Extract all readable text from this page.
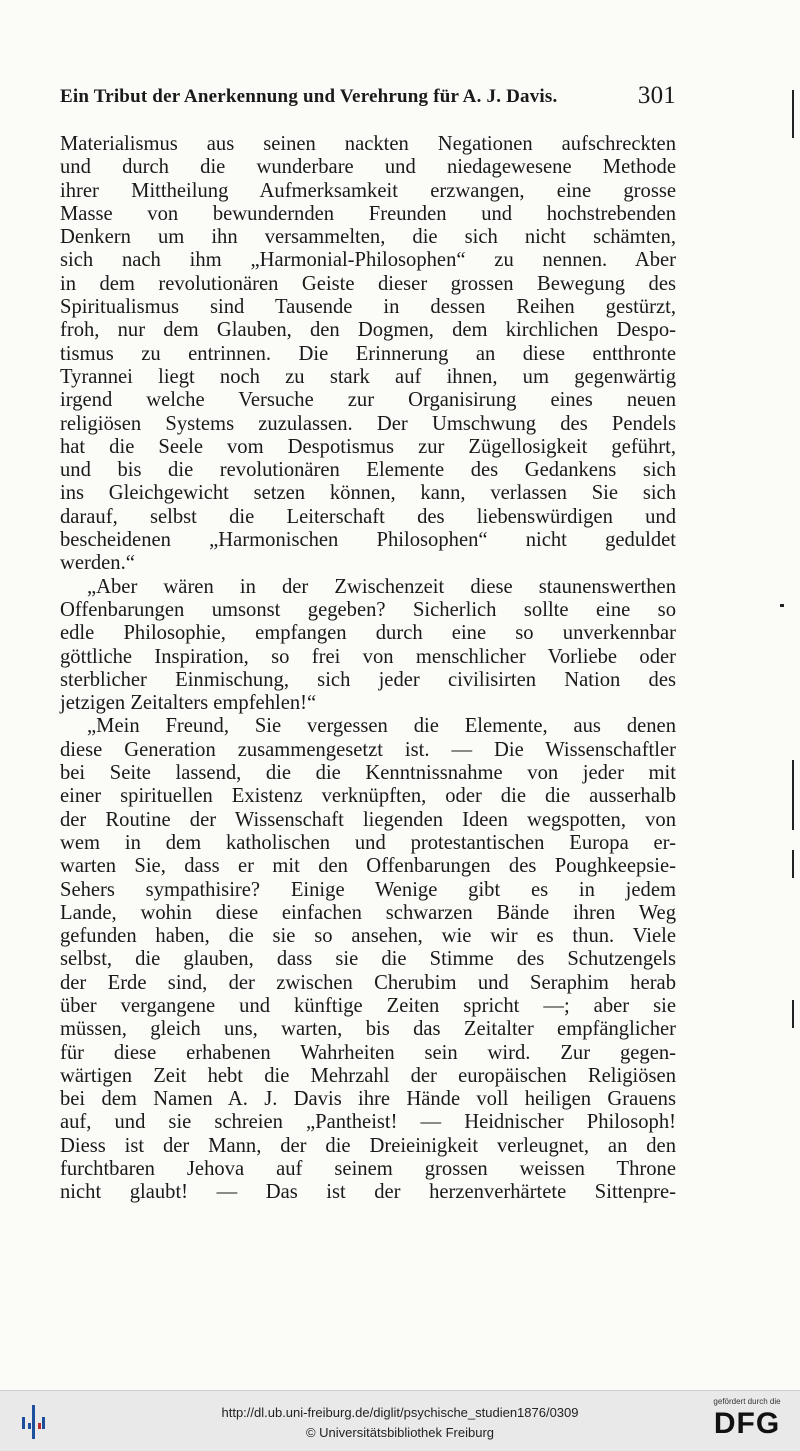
Ein Tribut der Anerkennung und Verehrung für A. J. Davis.	301
Materialismus aus seinen nackten Negationen aufschreckten
und durch die wunderbare und niedagewesene Methode
ihrer Mittheilung Aufmerksamkeit erzwangen, eine grosse
Masse von bewundernden Freunden und hochstrebenden
Denkern um ihn versammelten, die sich nicht schämten,
sich nach ihm „Harmonial-Philosophen“ zu nennen. Aber
in dem revolutionären Geiste dieser grossen Bewegung des
Spiritualismus sind Tausende in dessen Reihen gestürzt,
froh, nur dem Glauben, den Dogmen, dem kirchlichen Despo-
tismus zu entrinnen. Die Erinnerung an diese entthronte
Tyrannei liegt noch zu stark auf ihnen, um gegenwärtig
irgend welche Versuche zur Organisirung eines neuen
religiösen Systems zuzulassen. Der Umschwung des Pendels
hat die Seele vom Despotismus zur Zügellosigkeit geführt,
und bis die revolutionären Elemente des Gedankens sich
ins Gleichgewicht setzen können, kann, verlassen Sie sich
darauf, selbst die Leiterschaft des liebenswürdigen und
bescheidenen „Harmonischen Philosophen“ nicht geduldet
werden.“
„Aber wären in der Zwischenzeit diese staunenswerthen
Offenbarungen umsonst gegeben? Sicherlich sollte eine so
edle Philosophie, empfangen durch eine so unverkennbar
göttliche Inspiration, so frei von menschlicher Vorliebe oder
sterblicher Einmischung, sich jeder civilisirten Nation des
jetzigen Zeitalters empfehlen!“
„Mein Freund, Sie vergessen die Elemente, aus denen
diese Generation zusammengesetzt ist. — Die Wissenschaftler
bei Seite lassend, die die Kenntnissnahme von jeder mit
einer spirituellen Existenz verknüpften, oder die die ausserhalb
der Routine der Wissenschaft liegenden Ideen wegspotten, von
wem in dem katholischen und protestantischen Europa er-
warten Sie, dass er mit den Offenbarungen des Poughkeepsie-
Sehers sympathisire? Einige Wenige gibt es in jedem
Lande, wohin diese einfachen schwarzen Bände ihren Weg
gefunden haben, die sie so ansehen, wie wir es thun. Viele
selbst, die glauben, dass sie die Stimme des Schutzengels
der Erde sind, der zwischen Cherubim und Seraphim herab
über vergangene und künftige Zeiten spricht —; aber sie
müssen, gleich uns, warten, bis das Zeitalter empfänglicher
für diese erhabenen Wahrheiten sein wird. Zur gegen-
wärtigen Zeit hebt die Mehrzahl der europäischen Religiösen
bei dem Namen A. J. Davis ihre Hände voll heiligen Grauens
auf, und sie schreien „Pantheist! — Heidnischer Philosoph!
Diess ist der Mann, der die Dreieinigkeit verleugnet, an den
furchtbaren Jehova auf seinem grossen weissen Throne
nicht glaubt! — Das ist der herzenverhärtete Sittenpre-
http://dl.ub.uni-freiburg.de/diglit/psychische_studien1876/0309
© Universitätsbibliothek Freiburg
gefördert durch die
DFG
